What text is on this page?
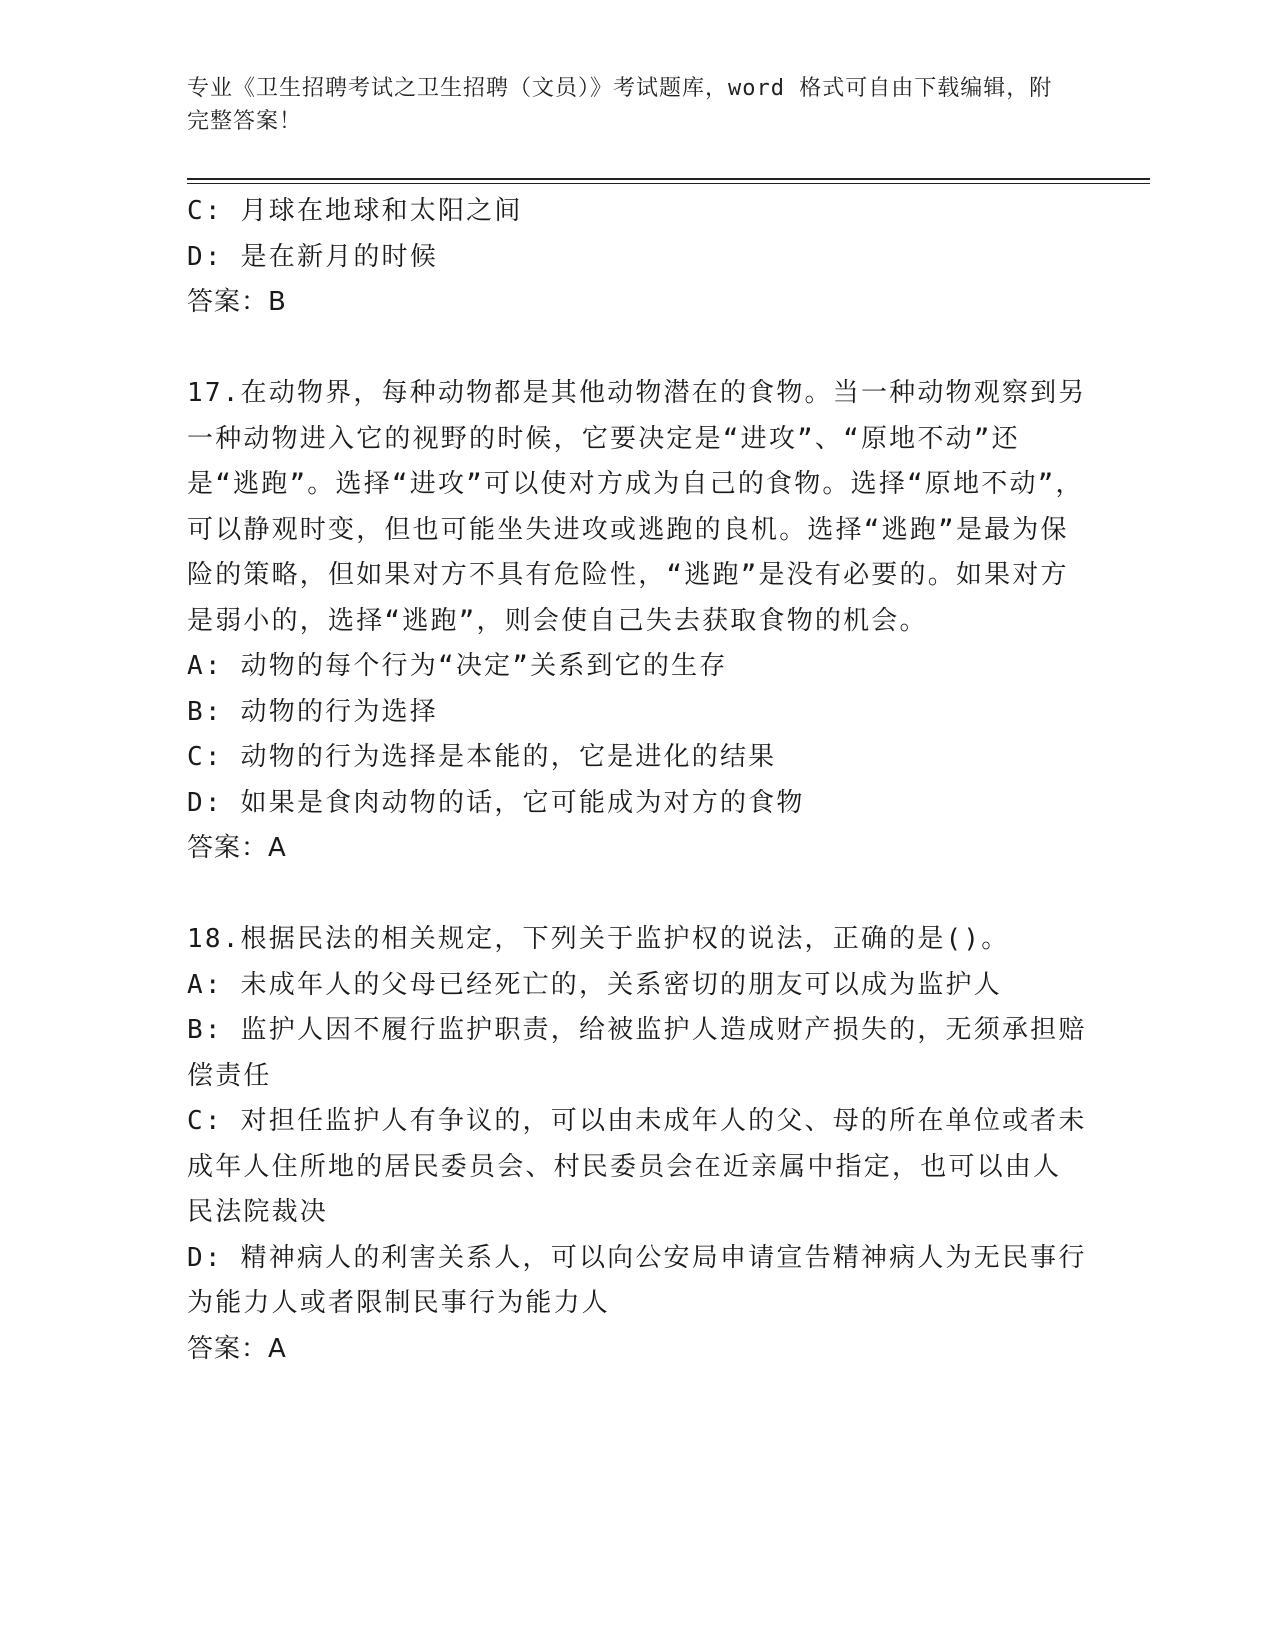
专业《卫生招聘考试之卫生招聘（文员）》考试题库，word 格式可自由下载编辑，附完整答案！
C: 月球在地球和太阳之间
D: 是在新月的时候
答案：B
17.在动物界，每种动物都是其他动物潜在的食物。当一种动物观察到另一种动物进入它的视野的时候，它要决定是“进攻”、“原地不动”还是“逃跑”。选择“进攻”可以使对方成为自己的食物。选择“原地不动”，可以静观时变，但也可能坐失进攻或逃跑的良机。选择“逃跑”是最为保险的策略，但如果对方不具有危险性，“逃跑”是没有必要的。如果对方是弱小的，选择“逃跑”，则会使自己失去获取食物的机会。
A: 动物的每个行为“决定”关系到它的生存
B: 动物的行为选择
C: 动物的行为选择是本能的，它是进化的结果
D: 如果是食肉动物的话，它可能成为对方的食物
答案：A
18.根据民法的相关规定，下列关于监护权的说法，正确的是()。
A: 未成年人的父母已经死亡的，关系密切的朋友可以成为监护人
B: 监护人因不履行监护职责，给被监护人造成财产损失的，无须承担赔偿责任
C: 对担任监护人有争议的，可以由未成年人的父、母的所在单位或者未成年人住所地的居民委员会、村民委员会在近亲属中指定，也可以由人民法院裁决
D: 精神病人的利害关系人，可以向公安局申请宣告精神病人为无民事行为能力人或者限制民事行为能力人
答案：A
